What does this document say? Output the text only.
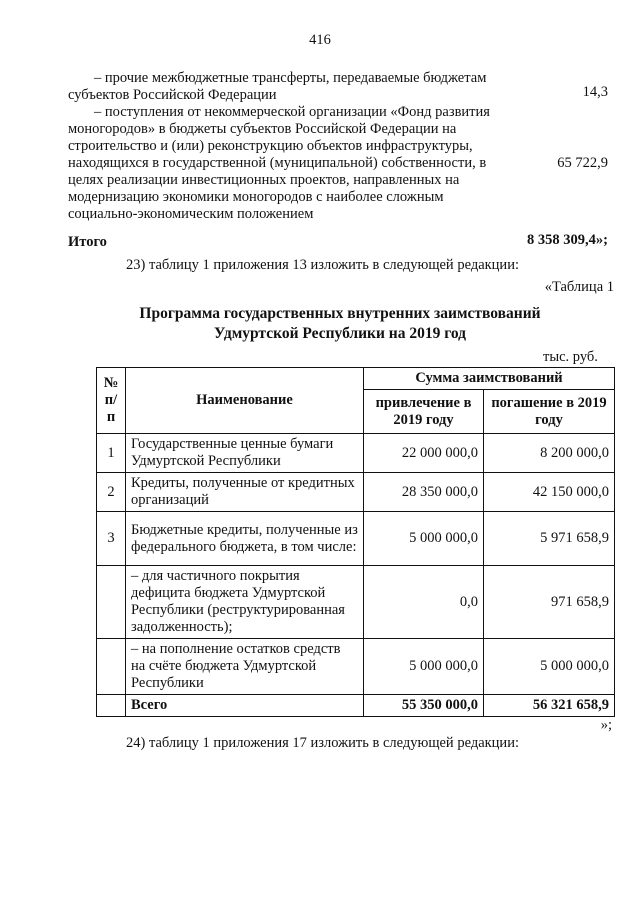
416
– прочие межбюджетные трансферты, передаваемые бюджетам
субъектов Российской Федерации	14,3
– поступления от некоммерческой организации «Фонд развития
моногородов» в бюджеты субъектов Российской Федерации на
строительство и (или) реконструкцию объектов инфраструктуры,
находящихся в государственной (муниципальной) собственности, в
целях реализации инвестиционных проектов, направленных на
модернизацию экономики моногородов с наиболее сложным
социально-экономическим положением
65 722,9
Итого	8 358 309,4»;
23) таблицу 1 приложения 13 изложить в следующей редакции:
«Таблица 1
Программа государственных внутренних заимствований
Удмуртской Республики на 2019 год
тыс. руб.
№ п/п	Наименование	Сумма заимствований	
		привлечение в 2019 году	погашение в 2019 году
1	Государственные ценные бумаги Удмуртской Республики	22 000 000,0	8 200 000,0
2	Кредиты, полученные от кредитных организаций	28 350 000,0	42 150 000,0
3	Бюджетные кредиты, полученные из федерального бюджета, в том числе:	5 000 000,0	5 971 658,9
	– для частичного покрытия дефицита бюджета Удмуртской Республики (реструктурированная задолженность);	0,0	971 658,9
	– на пополнение остатков средств на счёте бюджета Удмуртской Республики	5 000 000,0	5 000 000,0
	Всего	55 350 000,0	56 321 658,9
»;
24) таблицу 1 приложения 17 изложить в следующей редакции:
